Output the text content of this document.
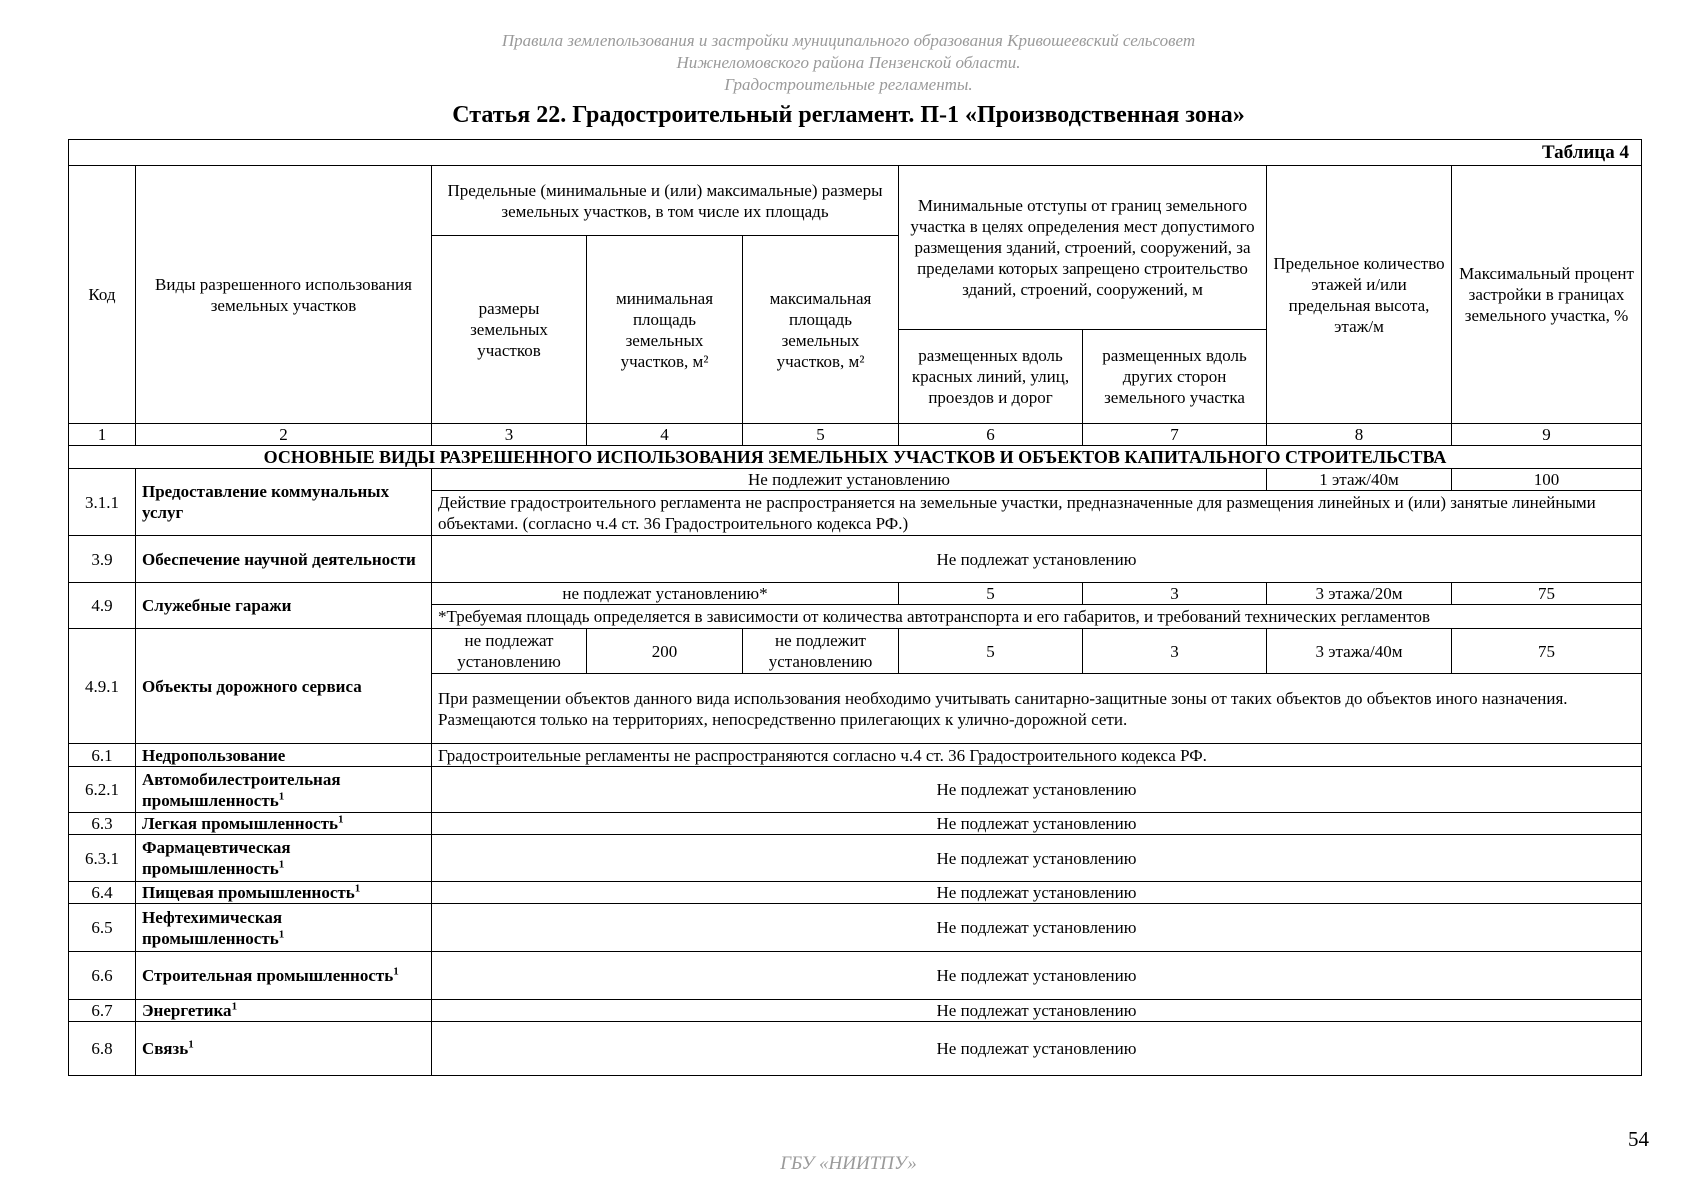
Правила землепользования и застройки муниципального образования Кривошеевский сельсовет
Нижнеломовского района Пензенской области.
Градостроительные регламенты.
Статья 22. Градостроительный регламент. П-1 «Производственная зона»
Таблица 4								
Код	Виды разрешенного использования земельных участков	Предельные (минимальные и (или) максимальные) размеры земельных участков, в том числе их площадь			Минимальные отступы от границ земельного участка в целях определения мест допустимого размещения зданий, строений, сооружений, за пределами которых запрещено строительство зданий, строений, сооружений, м		Предельное количество этажей и/или предельная высота, этаж/м	Максимальный процент застройки в границах земельного участка, %
		размеры земельных участков	минимальная площадь земельных участков, м²	максимальная площадь земельных участков, м²				
					размещенных вдоль красных линий, улиц, проездов и дорог	размещенных вдоль других сторон земельного участка		
1	2	3	4	5	6	7	8	9
ОСНОВНЫЕ ВИДЫ РАЗРЕШЕННОГО ИСПОЛЬЗОВАНИЯ ЗЕМЕЛЬНЫХ УЧАСТКОВ И ОБЪЕКТОВ КАПИТАЛЬНОГО СТРОИТЕЛЬСТВА								
3.1.1	Предоставление коммунальных услуг	Не подлежит установлению					1 этаж/40м	100
		Действие градостроительного регламента не распространяется на земельные участки, предназначенные для размещения линейных и (или) занятые линейными объектами. (согласно ч.4 ст. 36 Градостроительного кодекса РФ.)						
3.9	Обеспечение научной деятельности	Не подлежат установлению						
4.9	Служебные гаражи	не подлежат установлению*			5	3	3 этажа/20м	75
		*Требуемая площадь определяется в зависимости от количества автотранспорта и его габаритов, и требований технических регламентов						
4.9.1	Объекты дорожного сервиса	не подлежат установлению	200	не подлежит установлению	5	3	3 этажа/40м	75

		При размещении объектов данного вида использования необходимо учитывать санитарно-защитные зоны от таких объектов до объектов иного назначения.
Размещаются только на территориях, непосредственно прилегающих к улично-дорожной сети.						

6.1	Недропользование	Градостроительные регламенты не распространяются согласно ч.4 ст. 36 Градостроительного кодекса РФ.						
6.2.1	Автомобилестроительная промышленность$^1$	Не подлежат установлению						
6.3	Легкая промышленность$^1$	Не подлежат установлению						
6.3.1	Фармацевтическая промышленность$^1$	Не подлежат установлению						
6.4	Пищевая промышленность$^1$	Не подлежат установлению						
6.5	Нефтехимическая промышленность$^1$	Не подлежат установлению						
6.6	Строительная промышленность$^1$	Не подлежат установлению						
6.7	Энергетика$^1$	Не подлежат установлению						
6.8	Связь$^1$	Не подлежат установлению						
54
ГБУ «НИИТПУ»
